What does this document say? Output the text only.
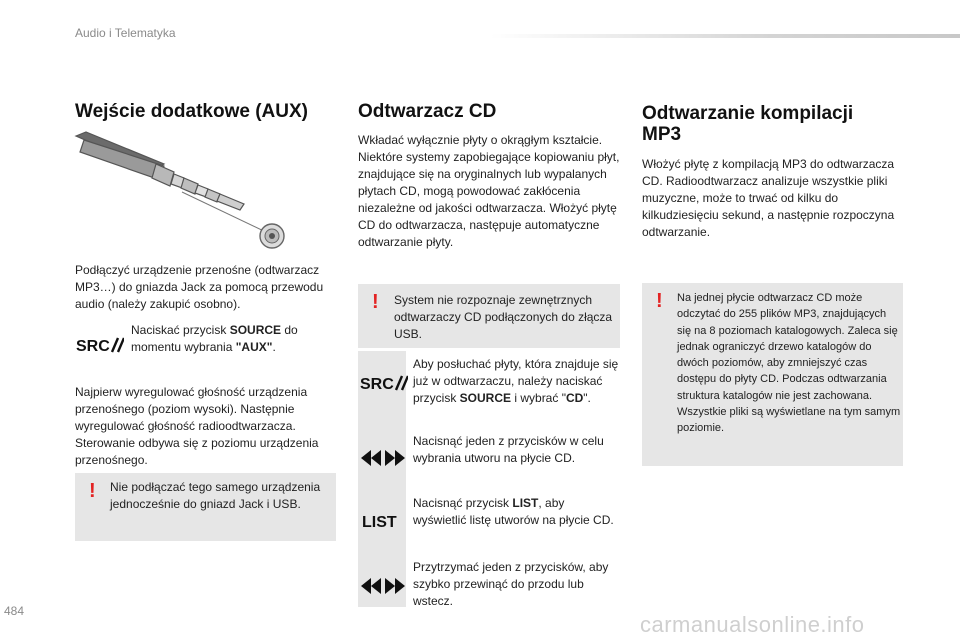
Audio i Telematyka
Wejście dodatkowe (AUX)

Podłączyć urządzenie przenośne (odtwarzacz MP3…) do gniazda Jack za pomocą przewodu audio (należy zakupić osobno).

SRC

Naciskać przycisk SOURCE do momentu wybrania "AUX".

Najpierw wyregulować głośność urządzenia przenośnego (poziom wysoki). Następnie wyregulować głośność radioodtwarzacza. Sterowanie odbywa się z poziomu urządzenia przenośnego.

! Nie podłączać tego samego urządzenia jednocześnie do gniazd Jack i USB.

Odtwarzacz CD

Wkładać wyłącznie płyty o okrągłym kształcie. Niektóre systemy zapobiegające kopiowaniu płyt, znajdujące się na oryginalnych lub wypalanych płytach CD, mogą powodować zakłócenia niezależne od jakości odtwarzacza. Włożyć płytę CD do odtwarzacza, następuje automatyczne odtwarzanie płyty.

! System nie rozpoznaje zewnętrznych odtwarzaczy CD podłączonych do złącza USB.

SRC

Aby posłuchać płyty, która znajduje się już w odtwarzaczu, należy naciskać przycisk SOURCE i wybrać "CD".

Nacisnąć jeden z przycisków w celu wybrania utworu na płycie CD.

LIST

Nacisnąć przycisk LIST, aby wyświetlić listę utworów na płycie CD.

Przytrzymać jeden z przycisków, aby szybko przewinąć do przodu lub wstecz.

Odtwarzanie kompilacji
MP3

Włożyć płytę z kompilacją MP3 do odtwarzacza CD. Radioodtwarzacz analizuje wszystkie pliki muzyczne, może to trwać od kilku do kilkudziesięciu sekund, a następnie rozpoczyna odtwarzanie.

! Na jednej płycie odtwarzacz CD może odczytać do 255 plików MP3, znajdujących się na 8 poziomach katalogowych. Zaleca się jednak ograniczyć drzewo katalogów do dwóch poziomów, aby zmniejszyć czas dostępu do płyty CD. Podczas odtwarzania struktura katalogów nie jest zachowana. Wszystkie pliki są wyświetlane na tym samym poziomie.

484
carmanualsonline.info
